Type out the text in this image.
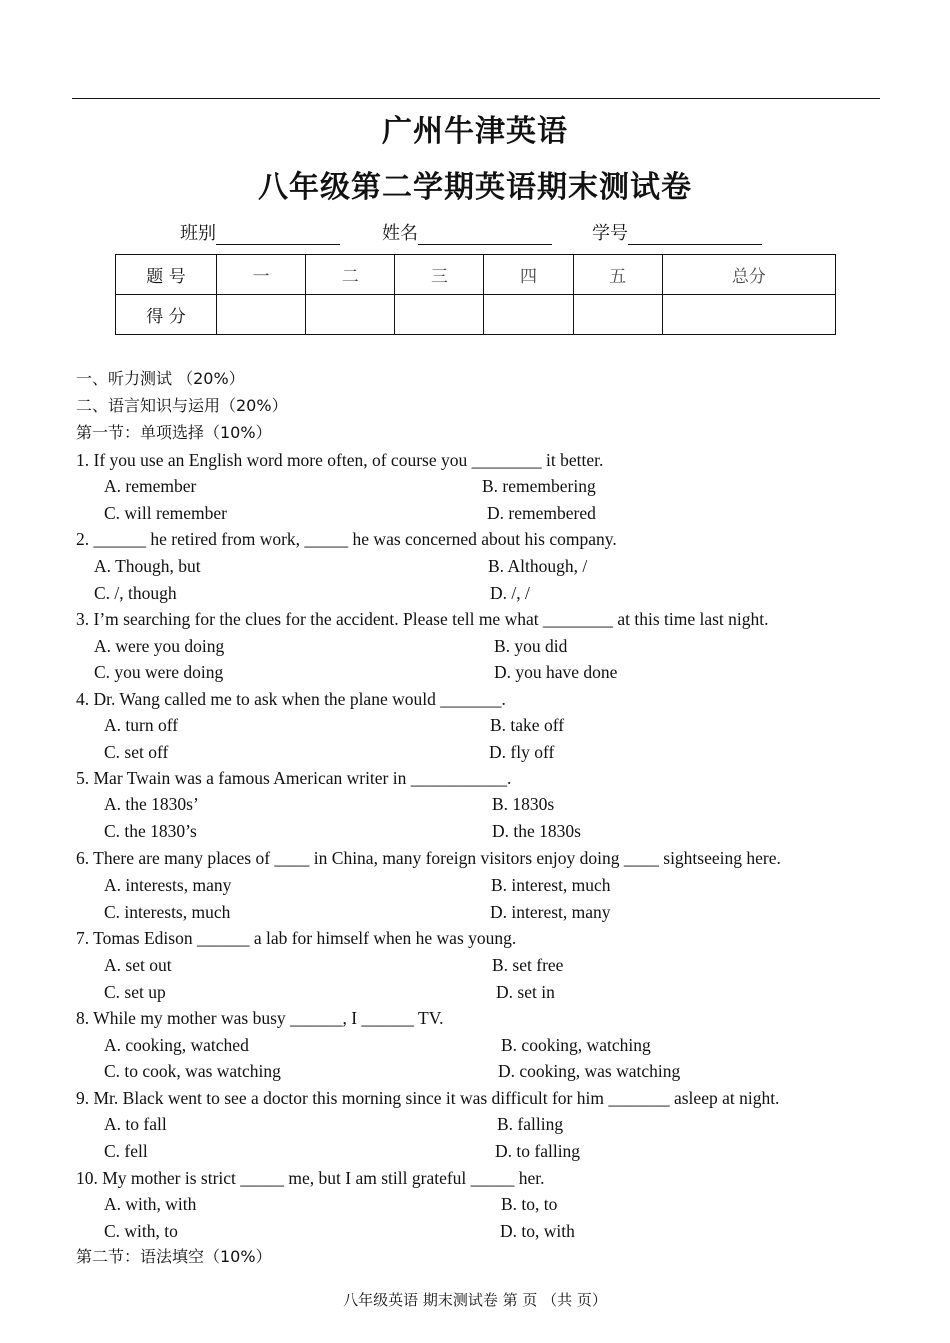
广州牛津英语
八年级第二学期英语期末测试卷
班别	姓名	学号
题 号	一	二	三	四	五	总分
得 分						
一、听力测试 （20%）
二、语言知识与运用（20%）
第一节：单项选择（10%）
1. If you use an English word more often, of course you ________ it better.
A. remember	B. remembering
C. will remember	D. remembered
2. ______ he retired from work, _____ he was concerned about his company.
A. Though, but	B. Although, /
C. /, though	D. /, /
3. I’m searching for the clues for the accident. Please tell me what ________ at this time last night.
A. were you doing	B. you did
C. you were doing	D. you have done
4. Dr. Wang called me to ask when the plane would _______.
A. turn off	B. take off
C. set off	D. fly off
5. Mar Twain was a famous American writer in ___________.
A. the 1830s’	B. 1830s
C. the 1830’s	D. the 1830s
6. There are many places of ____ in China, many foreign visitors enjoy doing ____ sightseeing here.
A. interests, many	B. interest, much
C. interests, much	D. interest, many
7. Tomas Edison ______ a lab for himself when he was young.
A. set out	B. set free
C. set up	D. set in
8. While my mother was busy ______, I ______ TV.
A. cooking, watched	B. cooking, watching
C. to cook, was watching	D. cooking, was watching
9. Mr. Black went to see a doctor this morning since it was difficult for him _______ asleep at night.
A. to fall	B. falling
C. fell	D. to falling
10. My mother is strict _____ me, but I am still grateful _____ her.
A. with, with	B. to, to
C. with, to	D. to, with
第二节：语法填空（10%）
八年级英语 期末测试卷 第 页 （共 页）
